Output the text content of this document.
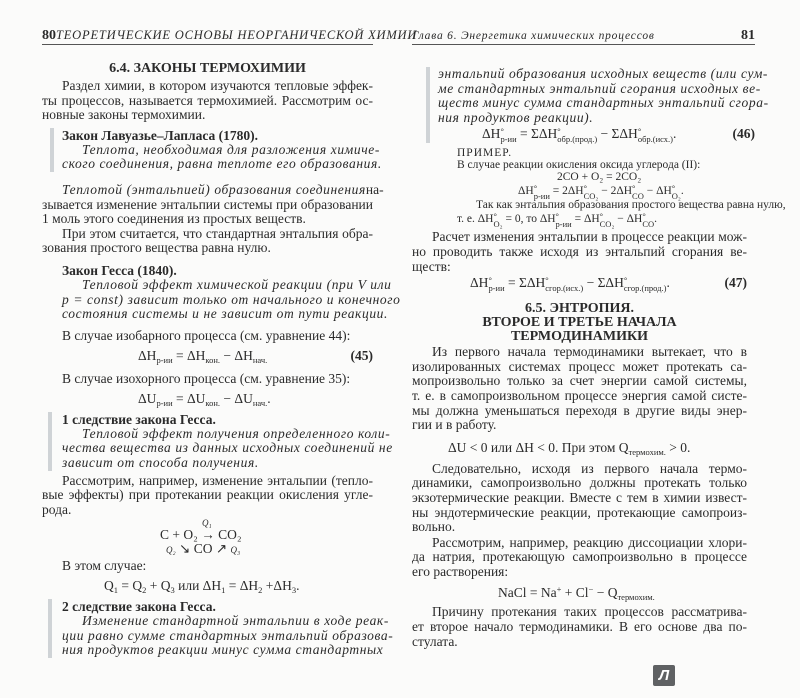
80 ТЕОРЕТИЧЕСКИЕ ОСНОВЫ НЕОРГАНИЧЕСКОЙ ХИМИИ
6.4. ЗАКОНЫ ТЕРМОХИМИИ
Раздел химии, в котором изучаются тепловые эффек-
ты процессов, называется термохимией. Рассмотрим ос-
новные законы термохимии.
Закон Лавуазье–Лапласа (1780).
Теплота, необходимая для разложения химиче-
ского соединения, равна теплоте его образования.
Теплотой (энтальпией) образования соединения на-
зывается изменение энтальпии системы при образовании
1 моль этого соединения из простых веществ.
При этом считается, что стандартная энтальпия обра-
зования простого вещества равна нулю.
Закон Гесса (1840).
Тепловой эффект химической реакции (при V или
p = const) зависит только от начального и конечного
состояния системы и не зависит от пути реакции.
В случае изобарного процесса (см. уравнение 44):
$\Delta H_{р-ии} = \Delta H_{кон.} - \Delta H_{нач.}$	(45)
В случае изохорного процесса (см. уравнение 35):
$\Delta U_{р-ии} = \Delta U_{кон.} - \Delta U_{нач.}$.
1 следствие закона Гесса.
Тепловой эффект получения определенного коли-
чества вещества из данных исходных соединений не
зависит от способа получения.
Рассмотрим, например, изменение энтальпии (тепло-
вые эффекты) при протекании реакции окисления угле-
рода.
Q₁
C + O₂ → CO₂
Q₂ ↘ CO ↗ Q₃
В этом случае:
$Q_1 = Q_2 + Q_3$ или $\Delta H_1 = \Delta H_2 +\Delta H_3$.
2 следствие закона Гесса.
Изменение стандартной энтальпии в ходе реак-
ции равно сумме стандартных энтальпий образова-
ния продуктов реакции минус сумма стандартных
Глава 6. Энергетика химических процессов	81
энтальпий образования исходных веществ (или сум-
ме стандартных энтальпий сгорания исходных ве-
ществ минус сумма стандартных энтальпий сгора-
ния продуктов реакции).
ΔH °
р-ии = ΣΔH °
обр.(прод.) − ΣΔH °
обр.(исх.) .	(46)
ПРИМЕР.
В случае реакции окисления оксида углерода (II):
2CO + O₂ = 2CO₂
ΔH °
р-ии = 2ΔH °
CO₂ − 2ΔH °
CO − ΔH °
O₂ .
Так как энтальпия образования простого вещества равна нулю,
т. е. ΔH °
O₂ = 0, то ΔH °
р-ии = ΔH °
CO₂ − ΔH °
CO .
Расчет изменения энтальпии в процессе реакции мож-
но проводить также исходя из энтальпий сгорания ве-
ществ:
ΔH °
р-ии = ΣΔH °
сгор.(исх.) − ΣΔH °
сгор.(прод.) .	(47)
6.5. ЭНТРОПИЯ.
ВТОРОЕ И ТРЕТЬЕ НАЧАЛА
ТЕРМОДИНАМИКИ
Из первого начала термодинамики вытекает, что в
изолированных системах процесс может протекать са-
мопроизвольно только за счет энергии самой системы,
т. е. в самопроизвольном процессе энергия самой систе-
мы должна уменьшаться переходя в другие виды энер-
гии и в работу.
ΔU < 0 или ΔH < 0. При этом $Q_{термохим.} > 0$.
Следовательно, исходя из первого начала термо-
динамики, самопроизвольно должны протекать только
экзотермические реакции. Вместе с тем в химии извест-
ны эндотермические реакции, протекающие самопроиз-
вольно.
Рассмотрим, например, реакцию диссоциации хлори-
да натрия, протекающую самопроизвольно в процессе
его растворения:
NaCl = $Na^+ + Cl^- - Q_{термохим.}$
Причину протекания таких процессов рассматрива-
ет второе начало термодинамики. В его основе два по-
стулата.
Л
